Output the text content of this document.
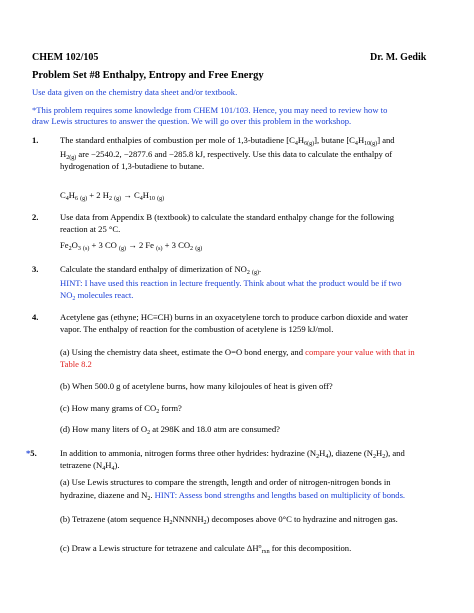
CHEM 102/105	Dr. M. Gedik
Problem Set #8 Enthalpy, Entropy and Free Energy
Use data given on the chemistry data sheet and/or textbook.
*This problem requires some knowledge from CHEM 101/103. Hence, you may need to review how to
draw Lewis structures to answer the question. We will go over this problem in the workshop.
1.	The standard enthalpies of combustion per mole of 1,3-butadiene $[C_4H_{6(g)}]$, butane $[C_4H_{10(g)}]$ and
$H_{2(g)}$ are −2540.2, −2877.6 and −285.8 kJ, respectively. Use this data to calculate the enthalpy of
hydrogenation of 1,3-butadiene to butane.
$C_4H_6$ $_{(g)}$ + 2 $H_2$ $_{(g)} \to C_4H_{10}$ $_{(g)}$
2.	Use data from Appendix B (textbook) to calculate the standard enthalpy change for the following
reaction at 25 °C.
$Fe_2O_3$ $_{(s)}$ + 3 CO $_{(g)}$ → 2 Fe $_{(s)}$ + 3 $CO_2$ $_{(g)}$
3.	Calculate the standard enthalpy of dimerization of $NO_2$ $_{(g)}$.
HINT: I have used this reaction in lecture frequently. Think about what the product would be if two
$NO_2$ molecules react.
4.	Acetylene gas (ethyne; HC≡CH) burns in an oxyacetylene torch to produce carbon dioxide and water
vapor. The enthalpy of reaction for the combustion of acetylene is 1259 kJ/mol.
(a) Using the chemistry data sheet, estimate the O=O bond energy, and compare your value with that in
Table 8.2
(b) When 500.0 g of acetylene burns, how many kilojoules of heat is given off?
(c) How many grams of $CO_2$ form?
(d) How many liters of $O_2$ at 298K and 18.0 atm are consumed?
*5.	In addition to ammonia, nitrogen forms three other hydrides: hydrazine $(N_2H_4)$, diazene $(N_2H_2)$, and
tetrazene $(N_4H_4)$.
(a) Use Lewis structures to compare the strength, length and order of nitrogen-nitrogen bonds in
hydrazine, diazene and $N_2$. HINT: Assess bond strengths and lengths based on multiplicity of bonds.
(b) Tetrazene (atom sequence $H_2NNNNH_2$) decomposes above 0°C to hydrazine and nitrogen gas.
(c) Draw a Lewis structure for tetrazene and calculate $\Delta H^o_{rxn}$ for this decomposition.
